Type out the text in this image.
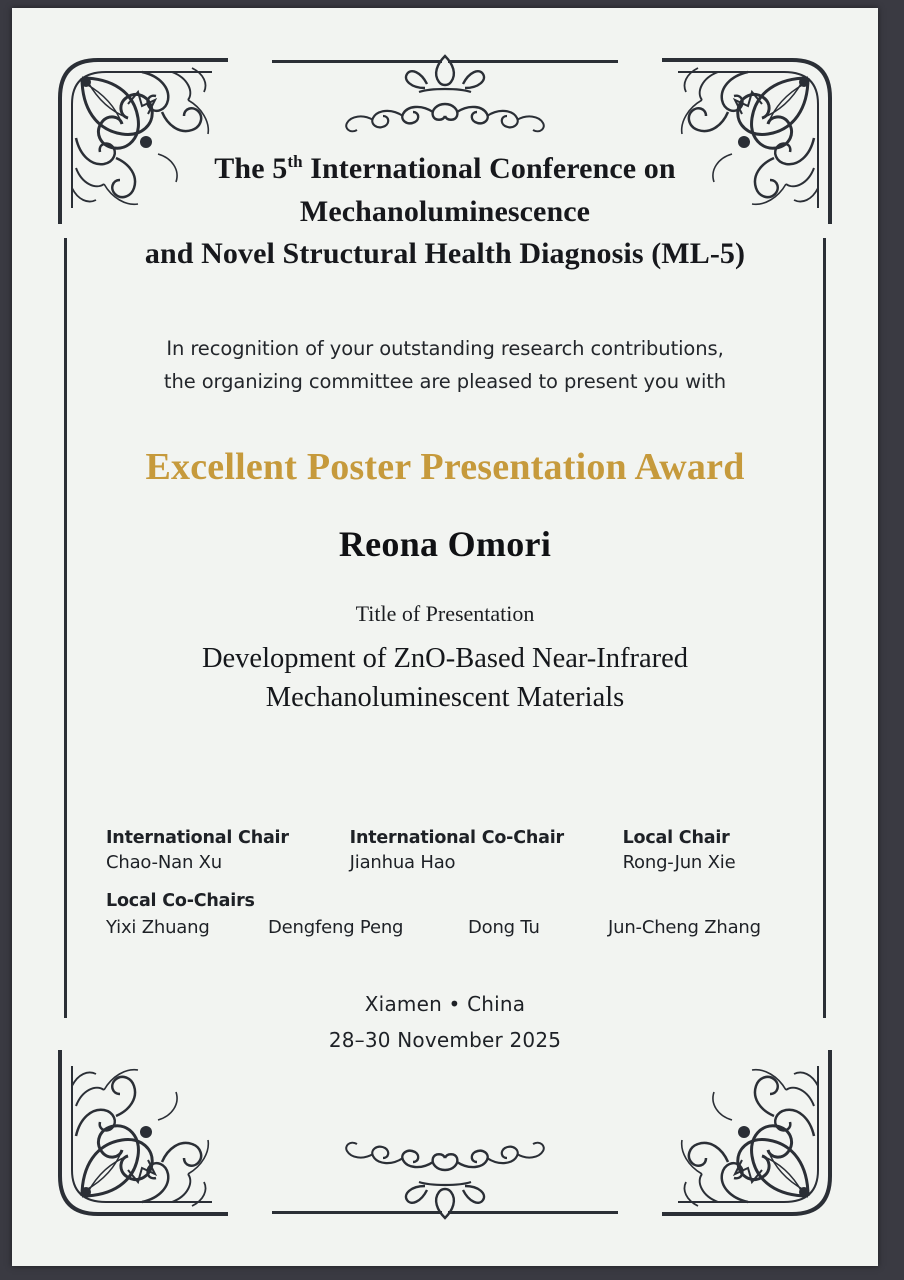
The 5th International Conference on
Mechanoluminescence
and Novel Structural Health Diagnosis (ML-5)
In recognition of your outstanding research contributions,
the organizing committee are pleased to present you with
Excellent Poster Presentation Award
Reona Omori
Title of Presentation
Development of ZnO-Based Near-Infrared
Mechanoluminescent Materials
International Chair
Chao-Nan Xu
International Co-Chair
Jianhua Hao
Local Chair
Rong-Jun Xie
Local Co-Chairs
Yixi Zhuang	Dengfeng Peng	Dong Tu	Jun-Cheng Zhang
Xiamen • China
28–30 November 2025
